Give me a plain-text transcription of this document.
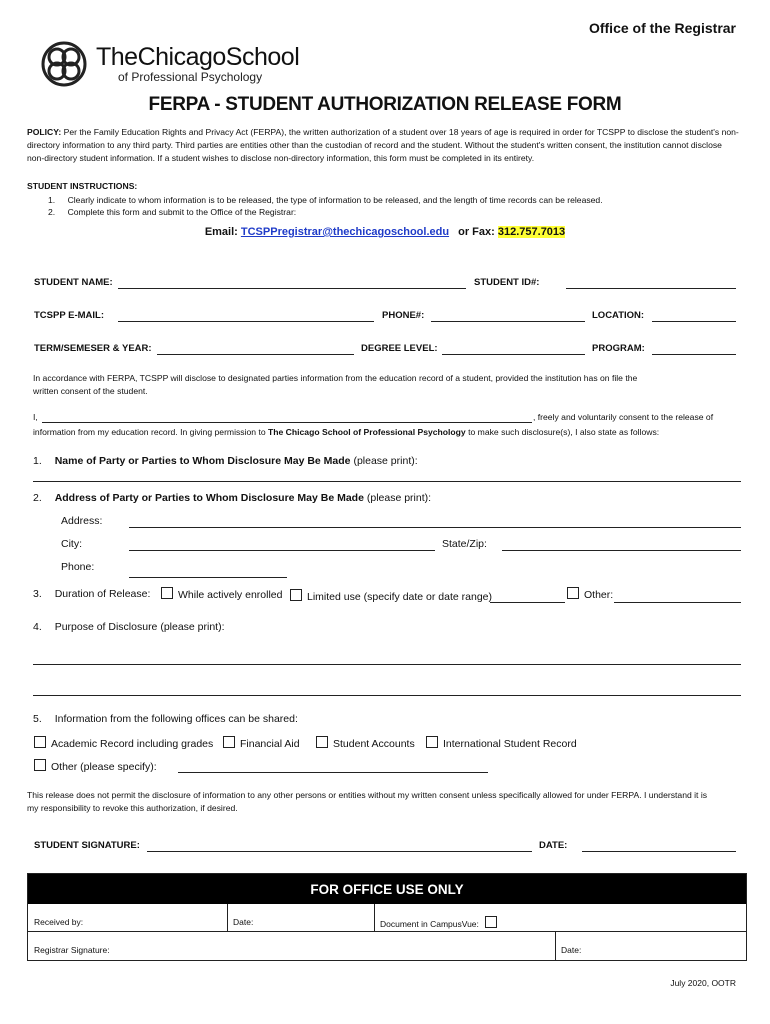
Office of the Registrar
TheChicagoSchool
of Professional Psychology
FERPA - STUDENT AUTHORIZATION RELEASE FORM
POLICY: Per the Family Education Rights and Privacy Act (FERPA), the written authorization of a student over 18 years of age is required in order for TCSPP to disclose the student's non-directory information to any third party. Third parties are entities other than the custodian of record and the student. Without the student's written consent, the institution cannot disclose non-directory student information. If a student wishes to disclose non-directory information, this form must be completed in its entirety.
STUDENT INSTRUCTIONS:
1. Clearly indicate to whom information is to be released, the type of information to be released, and the length of time records can be released.
2. Complete this form and submit to the Office of the Registrar:
Email: TCSPPregistrar@thechicagoschool.edu or Fax: 312.757.7013
STUDENT NAME:	STUDENT ID#:
TCSPP E-MAIL:	PHONE#:	LOCATION:
TERM/SEMESER & YEAR:	DEGREE LEVEL:	PROGRAM:
In accordance with FERPA, TCSPP will disclose to designated parties information from the education record of a student, provided the institution has on file the written consent of the student.
I,	, freely and voluntarily consent to the release of
information from my education record. In giving permission to The Chicago School of Professional Psychology to make such disclosure(s), I also state as follows:
1. Name of Party or Parties to Whom Disclosure May Be Made (please print):
2. Address of Party or Parties to Whom Disclosure May Be Made (please print):
Address:
City:	State/Zip:
Phone:
3. Duration of Release:	While actively enrolled	Limited use (specify date or date range)	Other:
4. Purpose of Disclosure (please print):
5. Information from the following offices can be shared:
Academic Record including grades	Financial Aid	Student Accounts	International Student Record
Other (please specify):
This release does not permit the disclosure of information to any other persons or entities without my written consent unless specifically allowed for under FERPA. I understand it is my responsibility to revoke this authorization, if desired.
STUDENT SIGNATURE:	DATE:
FOR OFFICE USE ONLY
Received by:	Date:	Document in CampusVue:
Registrar Signature:	Date:
July 2020, OOTR
